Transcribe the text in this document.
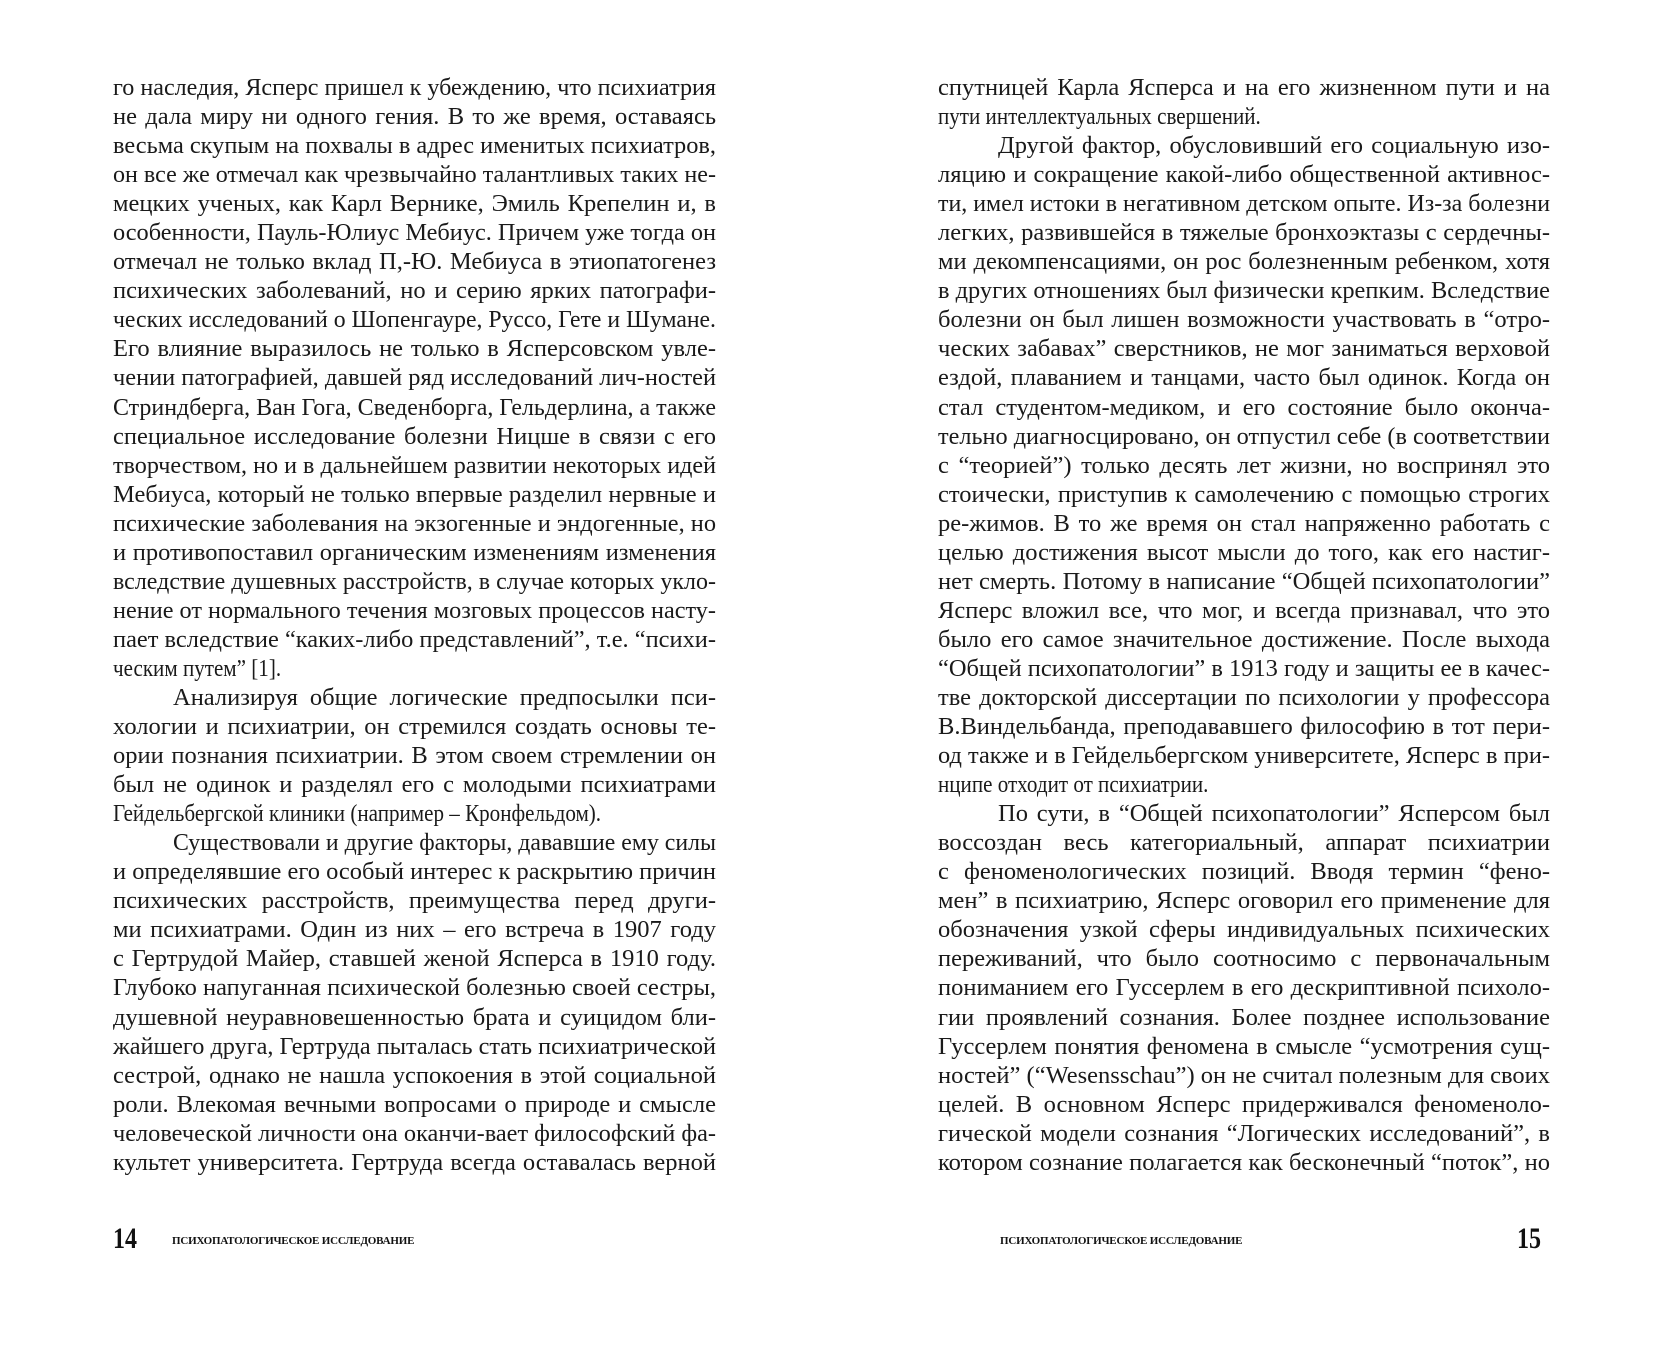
го наследия, Ясперс пришел к убеждению, что психиатрия
не дала миру ни одного гения. В то же время, оставаясь
весьма скупым на похвалы в адрес именитых психиатров,
он все же отмечал как чрезвычайно талантливых таких не-
мецких ученых, как Карл Вернике, Эмиль Крепелин и, в
особенности, Пауль-Юлиус Мебиус. Причем уже тогда он
отмечал не только вклад П,-Ю. Мебиуса в этиопатогенез
психических заболеваний, но и серию ярких патографи-
ческих исследований о Шопенгауре, Руссо, Гете и Шумане.
Его влияние выразилось не только в Ясперсовском увле-
чении патографией, давшей ряд исследований лич-ностей
Стриндберга, Ван Гога, Сведенборга, Гельдерлина, а также
специальное исследование болезни Ницше в связи с его
творчеством, но и в дальнейшем развитии некоторых идей
Мебиуса, который не только впервые разделил нервные и
психические заболевания на экзогенные и эндогенные, но
и противопоставил органическим изменениям изменения
вследствие душевных расстройств, в случае которых укло-
нение от нормального течения мозговых процессов насту-
пает вследствие “каких-либо представлений”, т.е. “психи-
ческим путем” [1].
Анализируя общие логические предпосылки пси-
хологии и психиатрии, он стремился создать основы те-
ории познания психиатрии. В этом своем стремлении он
был не одинок и разделял его с молодыми психиатрами
Гейдельбергской клиники (например – Кронфельдом).
Существовали и другие факторы, дававшие ему силы
и определявшие его особый интерес к раскрытию причин
психических расстройств, преимущества перед други-
ми психиатрами. Один из них – его встреча в 1907 году
с Гертрудой Майер, ставшей женой Ясперса в 1910 году.
Глубоко напуганная психической болезнью своей сестры,
душевной неуравновешенностью брата и суицидом бли-
жайшего друга, Гертруда пыталась стать психиатрической
сестрой, однако не нашла успокоения в этой социальной
роли. Влекомая вечными вопросами о природе и смысле
человеческой личности она оканчи-вает философский фа-
культет университета. Гертруда всегда оставалась верной
14	ПСИХОПАТОЛОГИЧЕСКОЕ ИССЛЕДОВАНИЕ
спутницей Карла Ясперса и на его жизненном пути и на
пути интеллектуальных свершений.
Другой фактор, обусловивший его социальную изо-
ляцию и сокращение какой-либо общественной активнос-
ти, имел истоки в негативном детском опыте. Из-за болезни
легких, развившейся в тяжелые бронхоэктазы с сердечны-
ми декомпенсациями, он рос болезненным ребенком, хотя
в других отношениях был физически крепким. Вследствие
болезни он был лишен возможности участвовать в “отро-
ческих забавах” сверстников, не мог заниматься верховой
ездой, плаванием и танцами, часто был одинок. Когда он
стал студентом-медиком, и его состояние было оконча-
тельно диагносцировано, он отпустил себе (в соответствии
с “теорией”) только десять лет жизни, но воспринял это
стоически, приступив к самолечению с помощью строгих
ре-жимов. В то же время он стал напряженно работать с
целью достижения высот мысли до того, как его настиг-
нет смерть. Потому в написание “Общей психопатологии”
Ясперс вложил все, что мог, и всегда признавал, что это
было его самое значительное достижение. После выхода
“Общей психопатологии” в 1913 году и защиты ее в качес-
тве докторской диссертации по психологии у профессора
В.Виндельбанда, преподававшего философию в тот пери-
од также и в Гейдельбергском университете, Ясперс в при-
нципе отходит от психиатрии.
По сути, в “Общей психопатологии” Ясперсом был
воссоздан весь категориальный, аппарат психиатрии
с феноменологических позиций. Вводя термин “фено-
мен” в психиатрию, Ясперс оговорил его применение для
обозначения узкой сферы индивидуальных психических
переживаний, что было соотносимо с первоначальным
пониманием его Гуссерлем в его дескриптивной психоло-
гии проявлений сознания. Более позднее использование
Гуссерлем понятия феномена в смысле “усмотрения сущ-
ностей” (“Wesensschau”) он не считал полезным для своих
целей. В основном Ясперс придерживался феноменоло-
гической модели сознания “Логических исследований”, в
котором сознание полагается как бесконечный “поток”, но
ПСИХОПАТОЛОГИЧЕСКОЕ ИССЛЕДОВАНИЕ	15
